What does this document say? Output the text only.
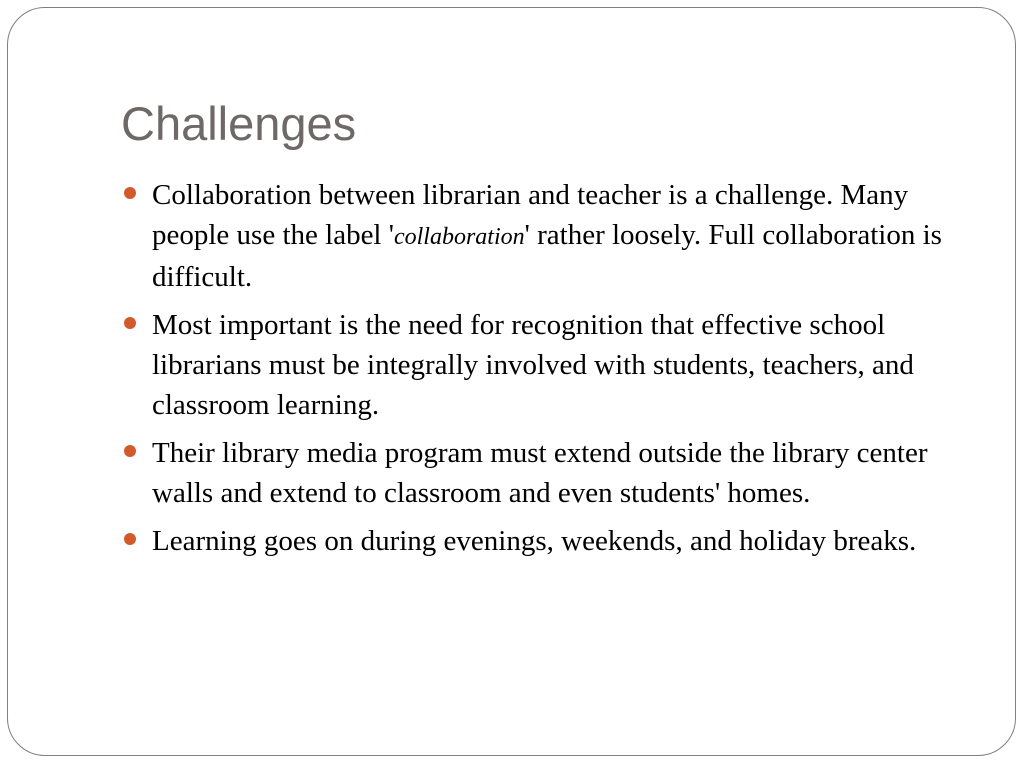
Challenges
Collaboration between librarian and teacher is a challenge. Many people use the label 'collaboration' rather loosely. Full collaboration is difficult.
Most important is the need for recognition that effective school librarians must be integrally involved with students, teachers, and classroom learning.
Their library media program must extend outside the library center walls and extend to classroom and even students' homes.
Learning goes on during evenings, weekends, and holiday breaks.
